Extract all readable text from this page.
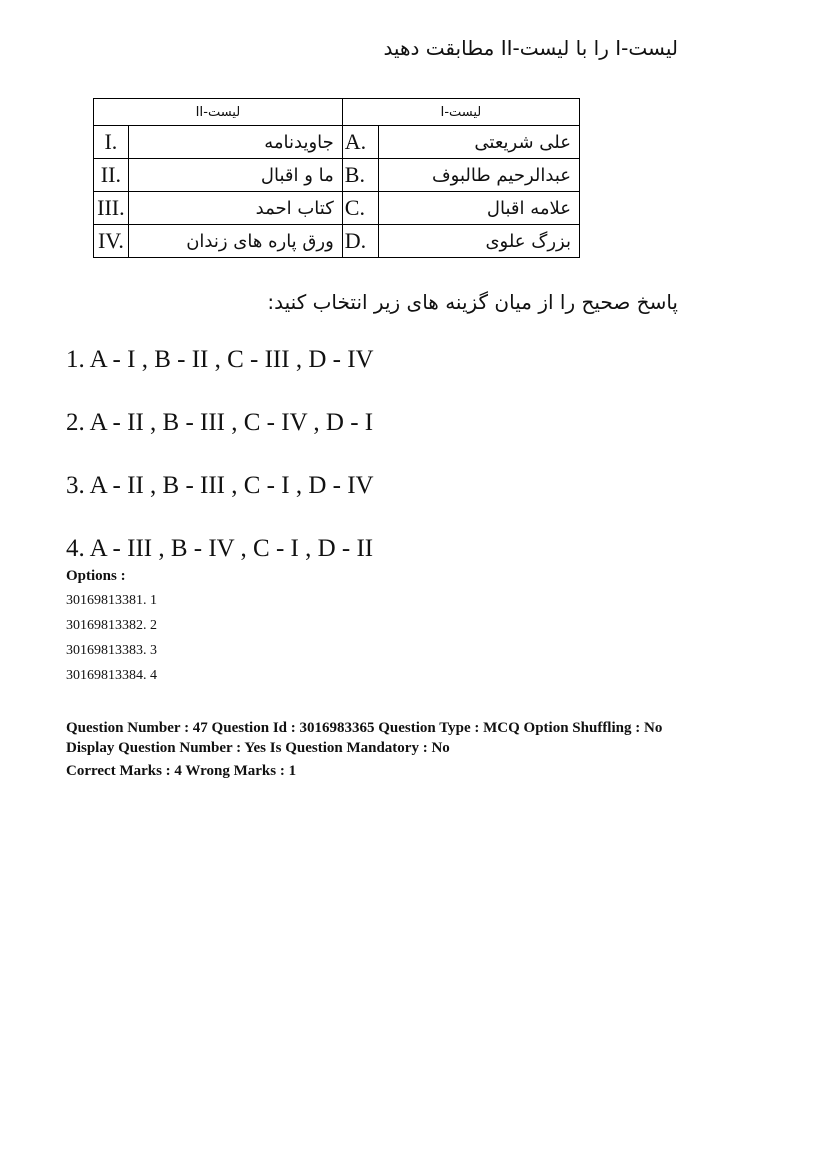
لیست-I را با لیست-II مطابقت دهید
لیست-II		لیست-I	
I.	جاویدنامه	A.	علی شریعتی
II.	ما و اقبال	B.	عبدالرحیم طالبوف
III.	کتاب احمد	C.	علامه اقبال
IV.	ورق پاره های زندان	D.	بزرگ علوی
پاسخ صحیح را از میان گزینه های زیر انتخاب کنید:
1. A - I , B - II , C - III , D - IV
2. A - II , B - III , C - IV , D - I
3. A - II , B - III , C - I , D - IV
4. A - III , B - IV , C - I , D - II
Options :
30169813381. 1
30169813382. 2
30169813383. 3
30169813384. 4
Question Number : 47 Question Id : 3016983365 Question Type : MCQ Option Shuffling : No
Display Question Number : Yes Is Question Mandatory : No
Correct Marks : 4 Wrong Marks : 1
